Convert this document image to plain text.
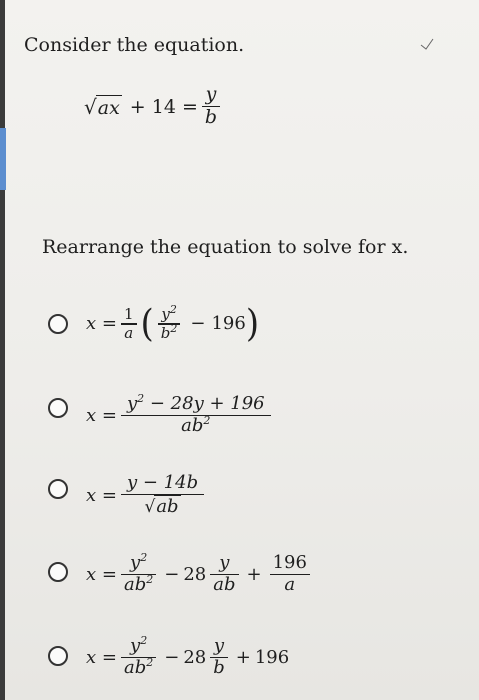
Consider the equation.
√ ax + $14 = \frac{y}{b}$
Rearrange the equation to solve for x.
$x = \frac{1}{a}$ ( $\frac{y^2}{b^2} - 196$ )
$x = \frac{y^2 - 28y + 196}{ab^2}$
$x = \frac{y - 14b}{√ ab}$
$x = \frac{y^2}{ab^2} - 28 \frac{y}{ab} + \frac{196}{a}$
$x = \frac{y^2}{ab^2} - 28 \frac{y}{b} + 196$
